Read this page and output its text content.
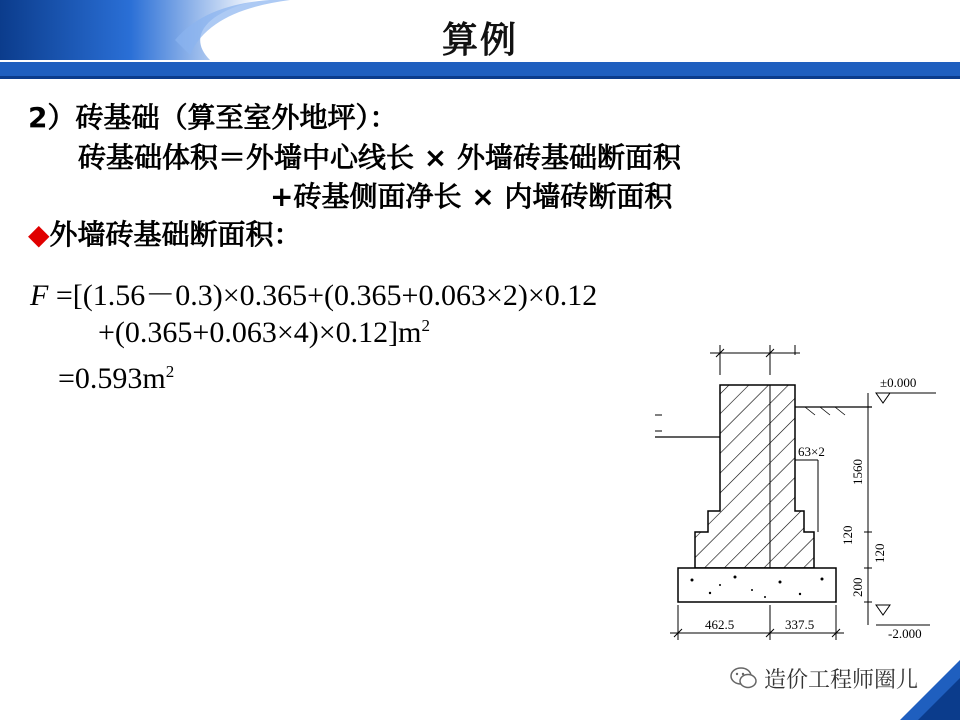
算例
2）砖基础（算至室外地坪）：
砖基础体积＝外墙中心线长 × 外墙砖基础断面积
+砖基侧面净长 × 内墙砖断面积
◆外墙砖基础断面积：
F =[(1.56－0.3)×0.365+(0.365+0.063×2)×0.12
$+(0.365+0.063\times 4)\times 0.12]m^2$
$=0.593m^2$
63×2
1560
120
120
200
±0.000
-2.000
462.5	337.5
造价工程师圈儿
